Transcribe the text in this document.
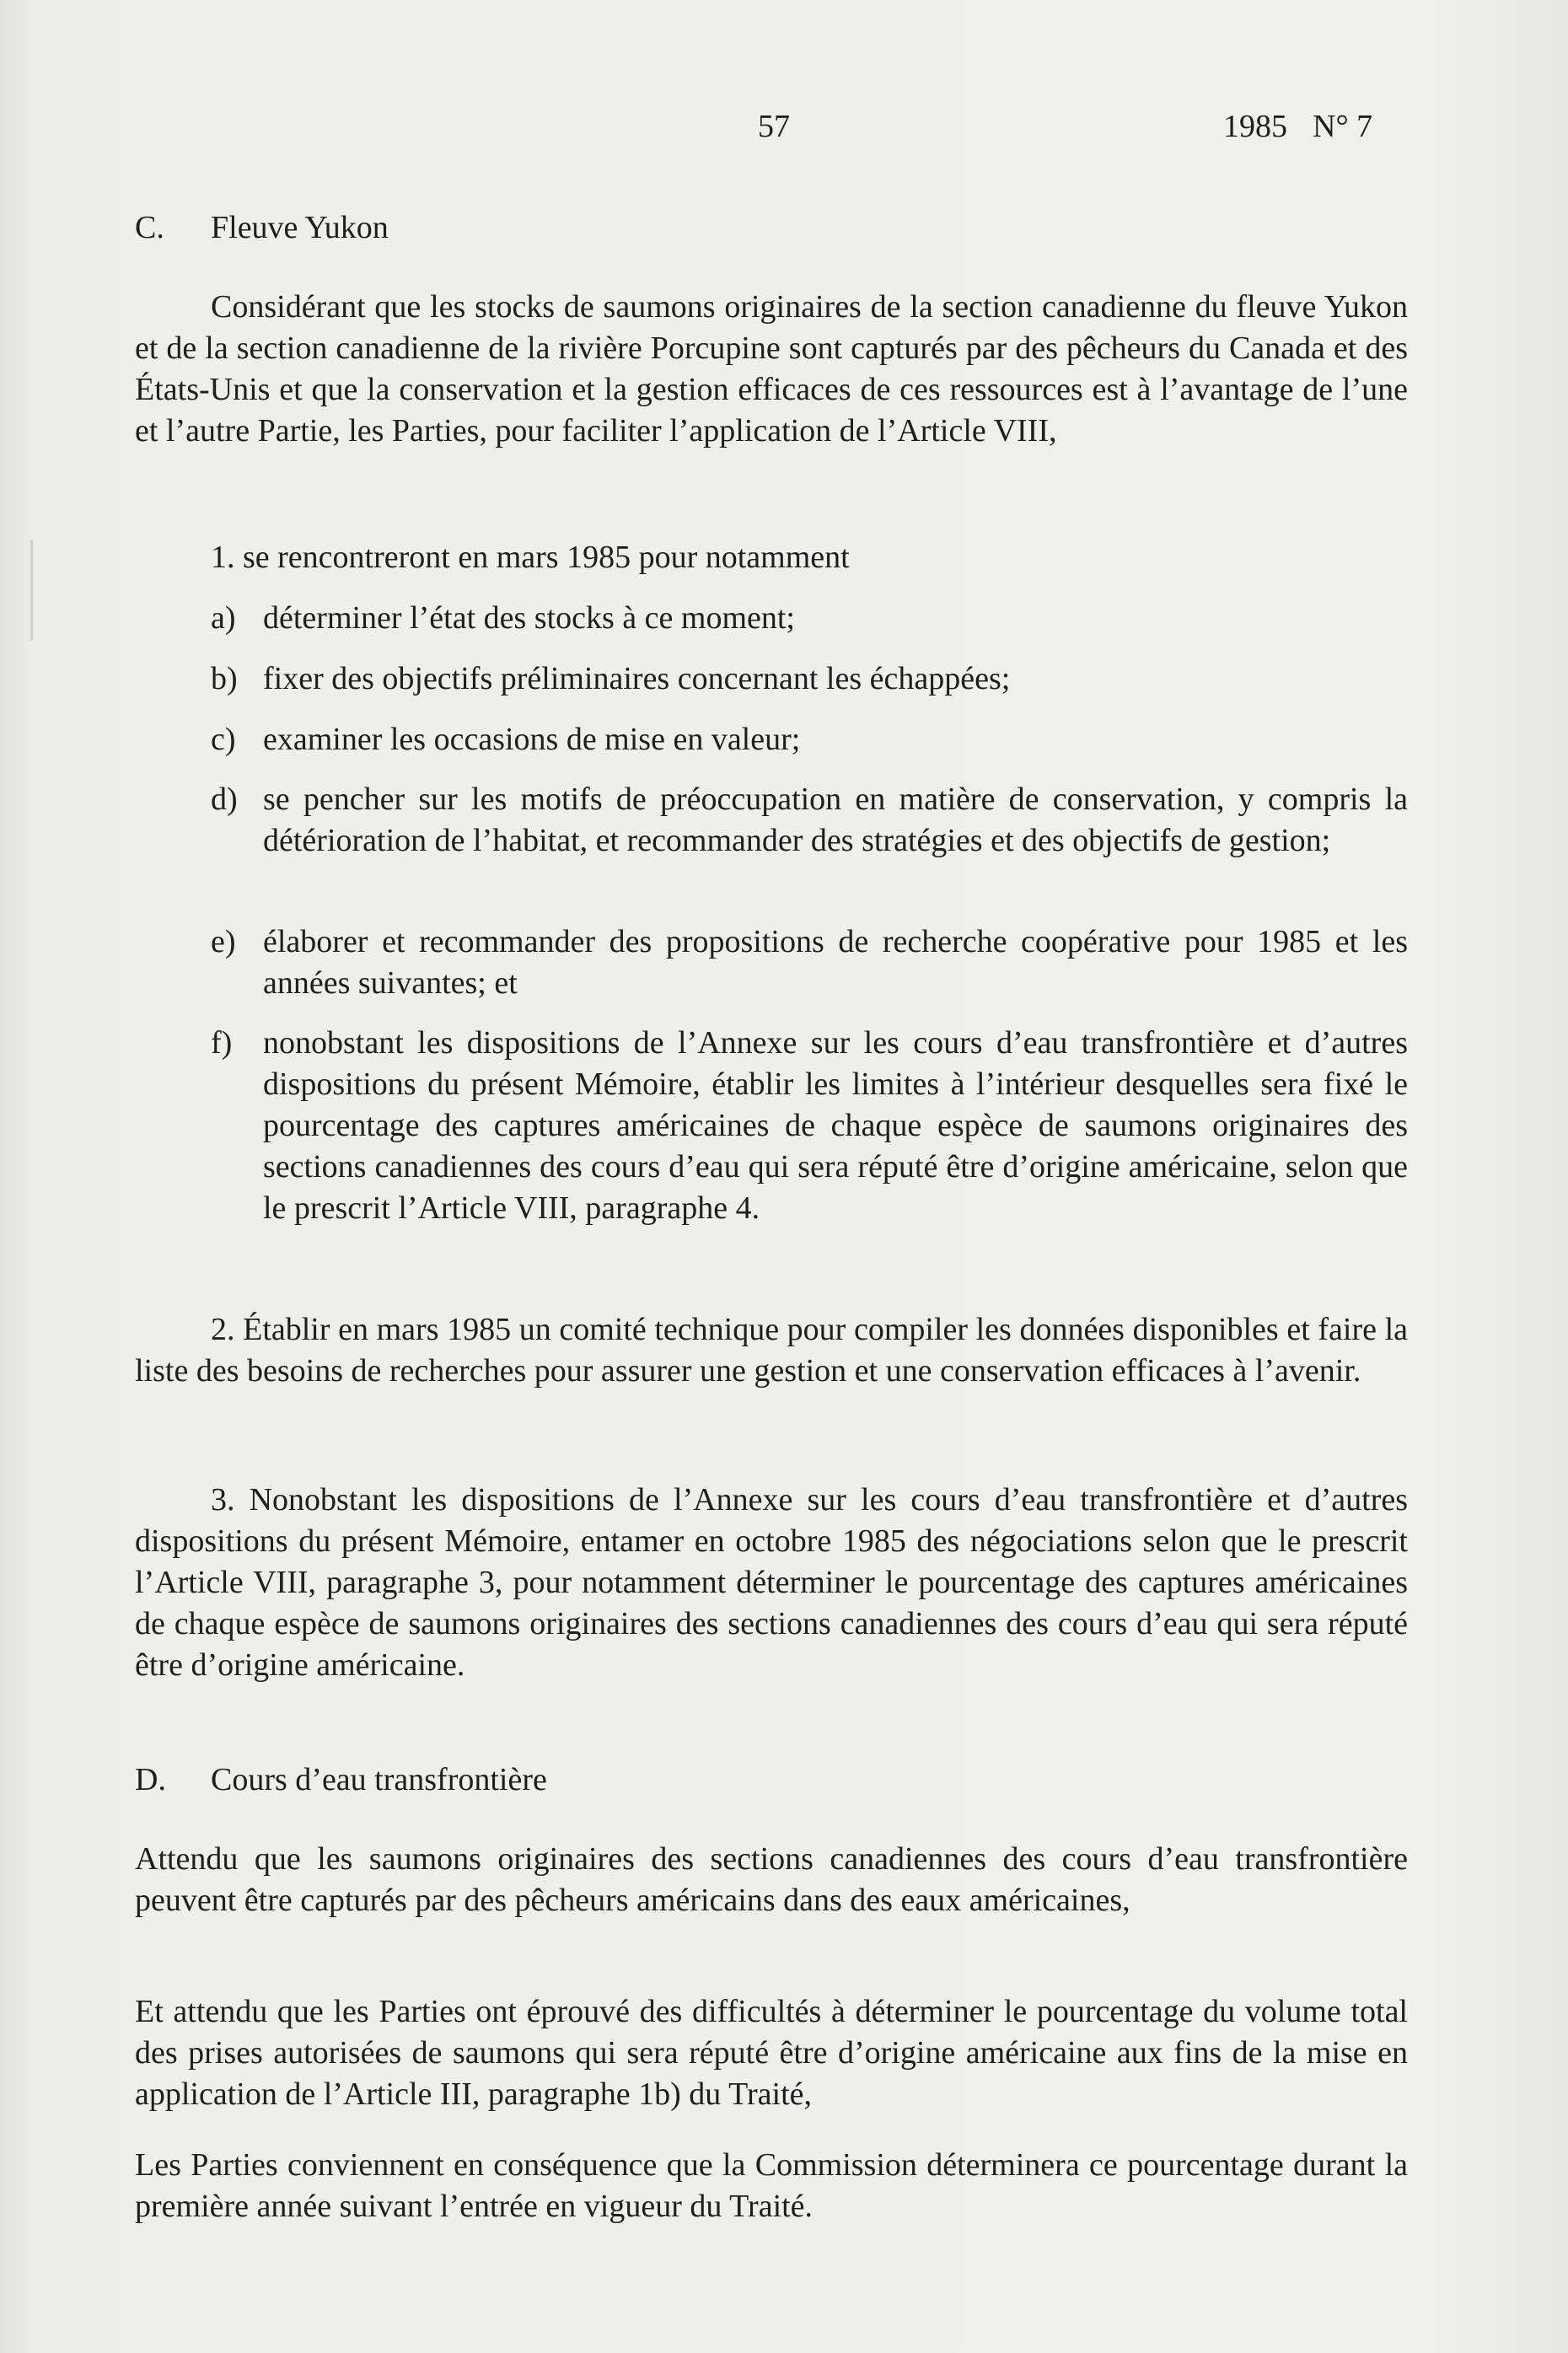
57	1985 N° 7
C. Fleuve Yukon

Considérant que les stocks de saumons originaires de la section canadienne du fleuve Yukon et de la section canadienne de la rivière Porcupine sont capturés par des pêcheurs du Canada et des États-Unis et que la conservation et la gestion efficaces de ces ressources est à l’avantage de l’une et l’autre Partie, les Parties, pour faciliter l’application de l’Article VIII,

1. se rencontreront en mars 1985 pour notamment
a) déterminer l’état des stocks à ce moment;
b) fixer des objectifs préliminaires concernant les échappées;
c) examiner les occasions de mise en valeur;
d) se pencher sur les motifs de préoccupation en matière de conservation, y compris la détérioration de l’habitat, et recommander des stratégies et des objectifs de gestion;
e) élaborer et recommander des propositions de recherche coopérative pour 1985 et les années suivantes; et
f) nonobstant les dispositions de l’Annexe sur les cours d’eau transfrontière et d’autres dispositions du présent Mémoire, établir les limites à l’intérieur desquelles sera fixé le pourcentage des captures américaines de chaque espèce de saumons originaires des sections canadiennes des cours d’eau qui sera réputé être d’origine américaine, selon que le prescrit l’Article VIII, paragraphe 4.

2. Établir en mars 1985 un comité technique pour compiler les données disponibles et faire la liste des besoins de recherches pour assurer une gestion et une conservation efficaces à l’avenir.

3. Nonobstant les dispositions de l’Annexe sur les cours d’eau transfrontière et d’autres dispositions du présent Mémoire, entamer en octobre 1985 des négociations selon que le prescrit l’Article VIII, paragraphe 3, pour notamment déterminer le pourcentage des captures américaines de chaque espèce de saumons originaires des sections canadiennes des cours d’eau qui sera réputé être d’origine américaine.

D. Cours d’eau transfrontière

Attendu que les saumons originaires des sections canadiennes des cours d’eau transfrontière peuvent être capturés par des pêcheurs américains dans des eaux américaines,

Et attendu que les Parties ont éprouvé des difficultés à déterminer le pourcentage du volume total des prises autorisées de saumons qui sera réputé être d’origine américaine aux fins de la mise en application de l’Article III, paragraphe 1b) du Traité,

Les Parties conviennent en conséquence que la Commission déterminera ce pourcentage durant la première année suivant l’entrée en vigueur du Traité.
